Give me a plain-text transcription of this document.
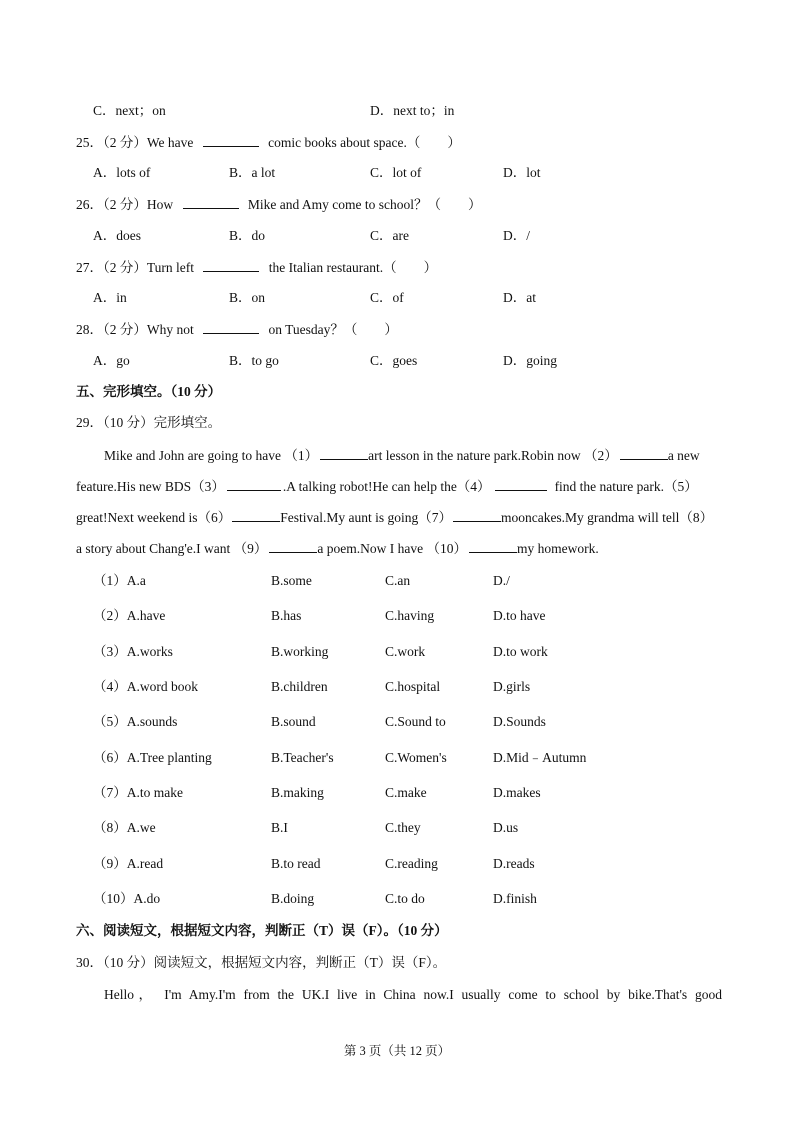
C．next；on	D．next to；in
25．（2 分）We have	comic books about space.（　　）
A．lots of	B．a lot	C．lot of	D．lot
26．（2 分）How	Mike and Amy come to school？（　　）
A．does	B．do	C．are	D．/
27．（2 分）Turn left	the Italian restaurant.（　　）
A．in	B．on	C．of	D．at
28．（2 分）Why not	on Tuesday？（　　）
A．go	B．to go	C．goes	D．going
五、完形填空。（10 分）
29．（10 分）完形填空。
Mike and John are going to have （1）	art lesson in the nature park.Robin now （2）	a new
feature.His new BDS（3）	.A talking robot!He can help the（4）	find the nature park.（5）
great!Next weekend is（6）	Festival.My aunt is going（7）	mooncakes.My grandma will tell（8）
a story about Chang'e.I want （9）	a poem.Now I have （10）	my homework.
（1）A.a	B.some	C.an	D./
（2）A.have	B.has	C.having	D.to have
（3）A.works	B.working	C.work	D.to work
（4）A.word book	B.children	C.hospital	D.girls
（5）A.sounds	B.sound	C.Sound to	D.Sounds
（6）A.Tree planting	B.Teacher's	C.Women's	D.Mid﹣Autumn
（7）A.to make	B.making	C.make	D.makes
（8）A.we	B.I	C.they	D.us
（9）A.read	B.to read	C.reading	D.reads
（10）A.do	B.doing	C.to do	D.finish
六、阅读短文，根据短文内容，判断正（T）误（F）。（10 分）
30．（10 分）阅读短文，根据短文内容，判断正（T）误（F）。
Hello， I'm Amy.I'm from the UK.I live in China now.I usually come to school by bike.That's good
第 3 页（共 12 页）
